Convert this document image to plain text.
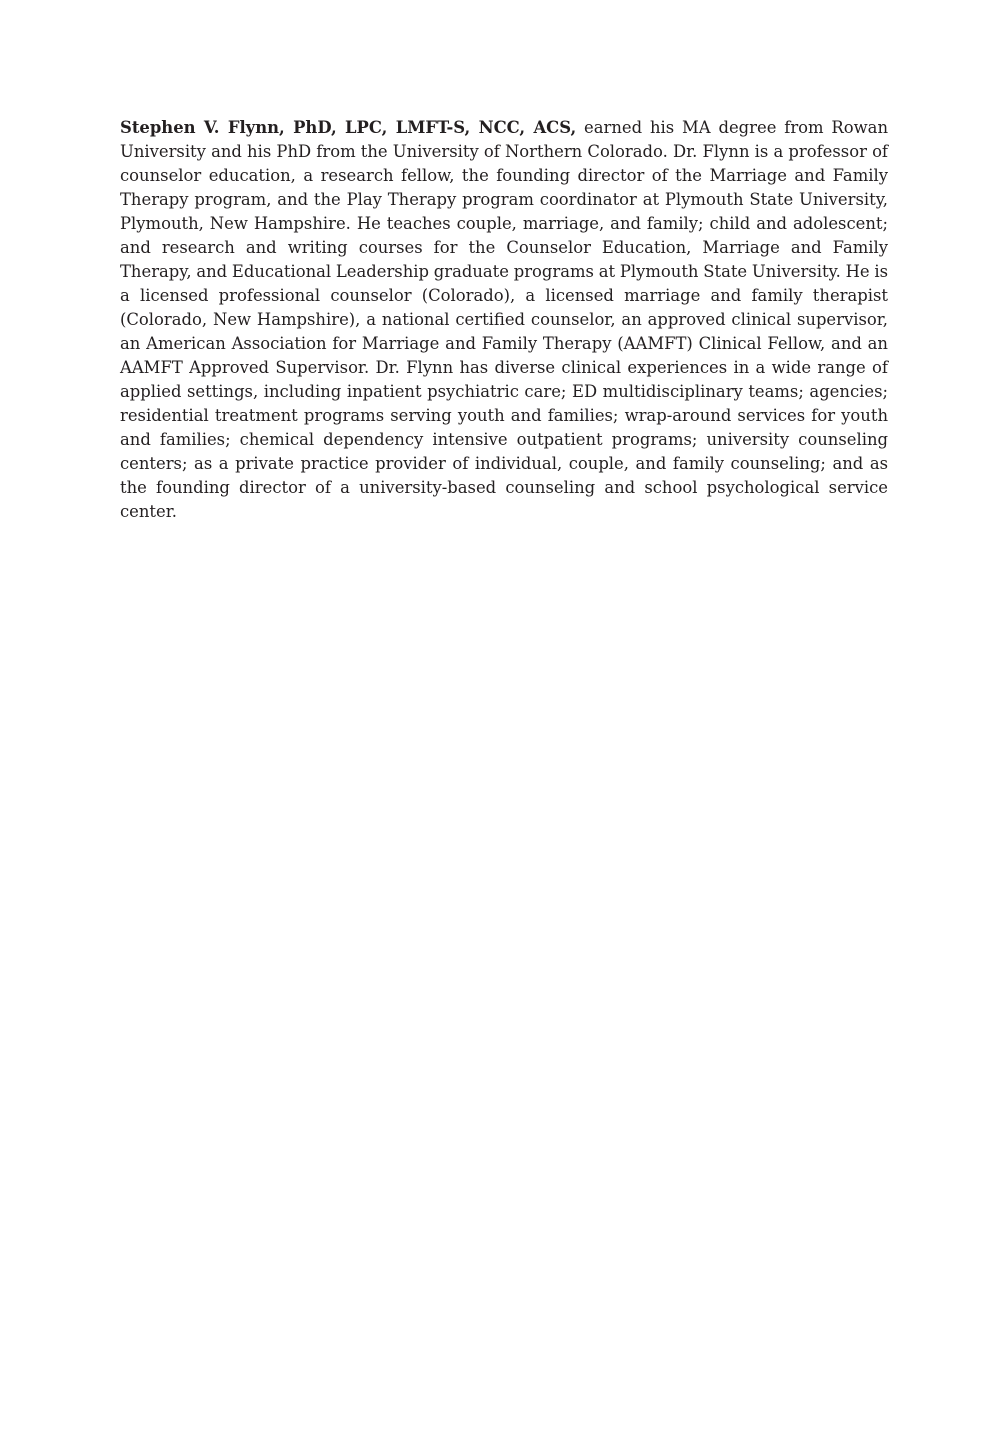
Stephen V. Flynn, PhD, LPC, LMFT-S, NCC, ACS, earned his MA degree from Rowan University and his PhD from the University of Northern Colorado. Dr. Flynn is a professor of counselor education, a research fellow, the founding director of the Marriage and Family Therapy program, and the Play Therapy program coordinator at Plymouth State University, Plymouth, New Hampshire. He teaches couple, marriage, and family; child and adolescent; and research and writing courses for the Counselor Education, Marriage and Family Therapy, and Educational Leadership graduate programs at Plymouth State University. He is a licensed professional counselor (Colorado), a licensed marriage and family therapist (Colorado, New Hampshire), a national certified counselor, an approved clinical supervisor, an American Association for Marriage and Family Therapy (AAMFT) Clinical Fellow, and an AAMFT Approved Supervisor. Dr. Flynn has diverse clinical experiences in a wide range of applied settings, including inpatient psychiatric care; ED multidisciplinary teams; agencies; residential treatment programs serving youth and families; wrap-around services for youth and families; chemical dependency intensive outpatient programs; university counseling centers; as a private practice provider of individual, couple, and family counseling; and as the founding director of a university-based counseling and school psychological service center.
